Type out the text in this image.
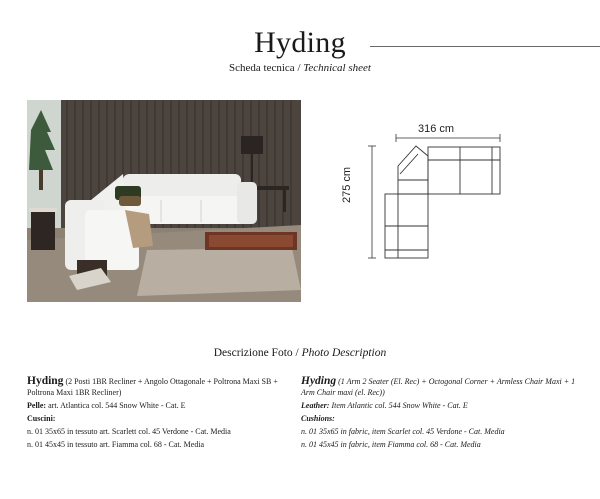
Hyding
Scheda tecnica / Technical sheet
316 cm
275 cm
Descrizione Foto / Photo Description

Hyding (2 Posti 1BR Recliner + Angolo Ottagonale + Poltrona Maxi SB + Poltrona Maxi 1BR Recliner)

Pelle: art. Atlantica col. 544 Snow White - Cat. E

Cuscini:

n. 01 35x65 in tessuto art. Scarlett col. 45 Verdone - Cat. Media

n. 01 45x45 in tessuto art. Fiamma col. 68 - Cat. Media

Hyding (1 Arm 2 Seater (El. Rec) + Octogonal Corner + Armless Chair Maxi + 1 Arm Chair maxi (el. Rec))

Leather: Item Atlantic col. 544 Snow White - Cat. E

Cushions:

n. 01 35x65 in fabric, item Scarlet col. 45 Verdone - Cat. Media

n. 01 45x45 in fabric, item Fiamma col. 68 - Cat. Media
